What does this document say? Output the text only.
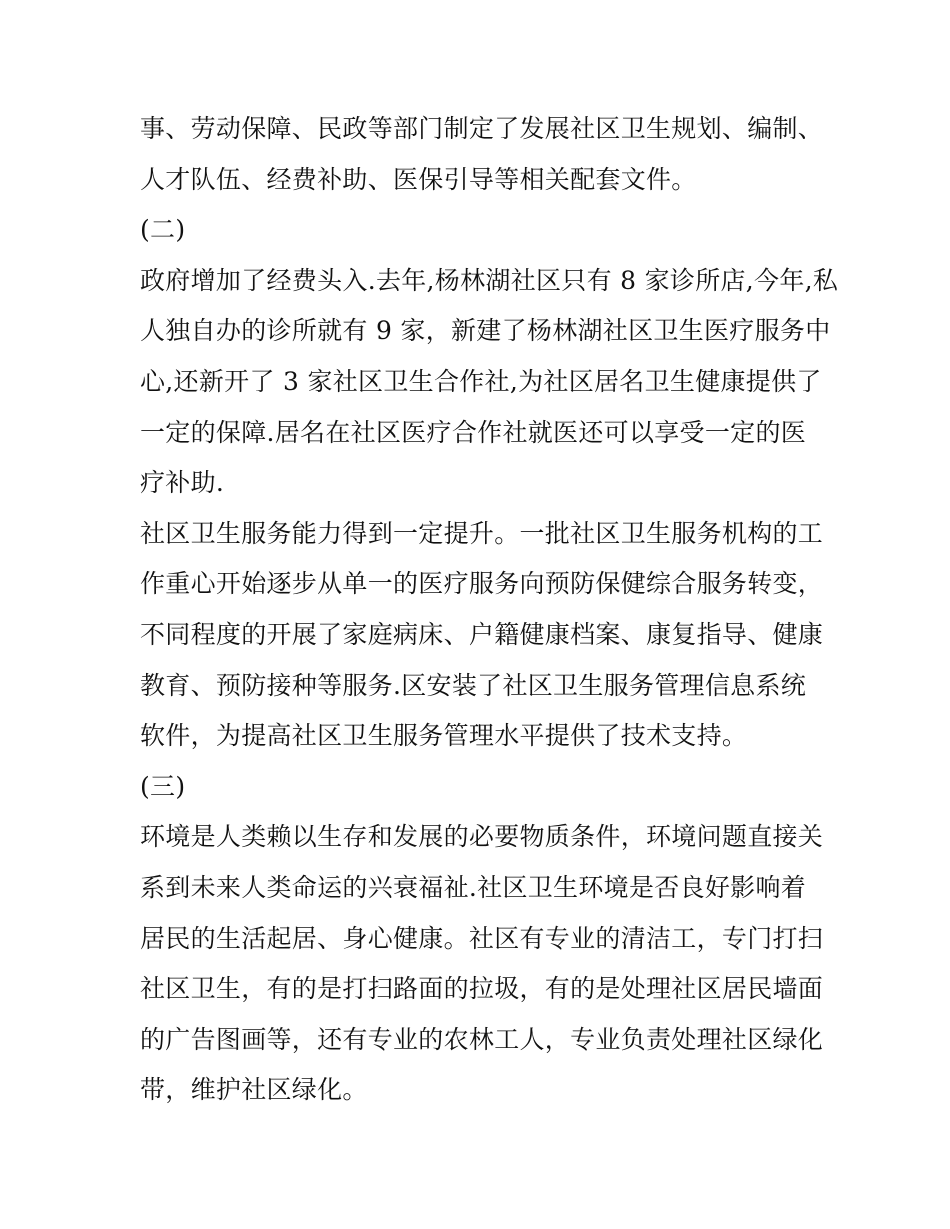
事、劳动保障、民政等部门制定了发展社区卫生规划、编制、
人才队伍、经费补助、医保引导等相关配套文件。
(二)
政府增加了经费头入.去年,杨林湖社区只有 8 家诊所店,今年,私
人独自办的诊所就有 9 家，新建了杨林湖社区卫生医疗服务中
心,还新开了 3 家社区卫生合作社,为社区居名卫生健康提供了
一定的保障.居名在社区医疗合作社就医还可以享受一定的医
疗补助.
社区卫生服务能力得到一定提升。一批社区卫生服务机构的工
作重心开始逐步从单一的医疗服务向预防保健综合服务转变，
不同程度的开展了家庭病床、户籍健康档案、康复指导、健康
教育、预防接种等服务.区安装了社区卫生服务管理信息系统
软件，为提高社区卫生服务管理水平提供了技术支持。
(三)
环境是人类赖以生存和发展的必要物质条件，环境问题直接关
系到未来人类命运的兴衰福祉.社区卫生环境是否良好影响着
居民的生活起居、身心健康。社区有专业的清洁工，专门打扫
社区卫生，有的是打扫路面的拉圾，有的是处理社区居民墙面
的广告图画等，还有专业的农林工人，专业负责处理社区绿化
带，维护社区绿化。
